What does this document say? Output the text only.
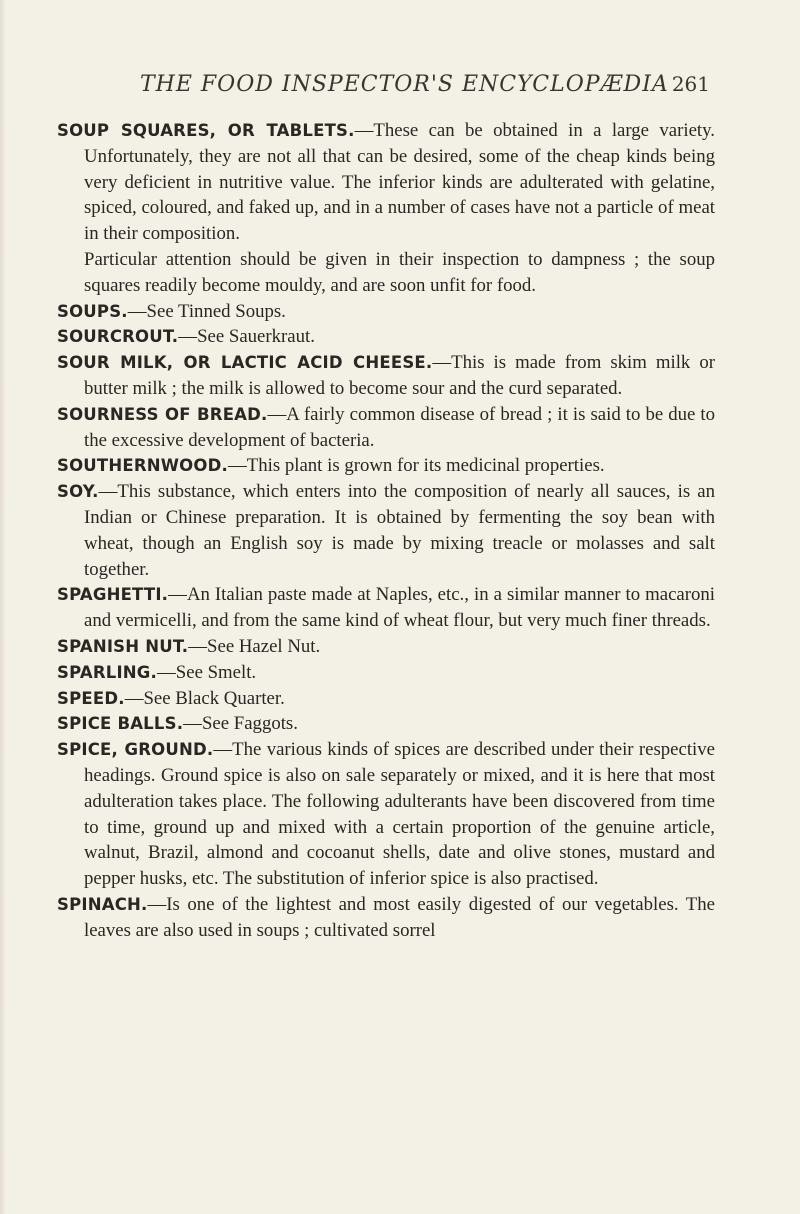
THE FOOD INSPECTOR'S ENCYCLOPÆDIA 261

SOUP SQUARES, OR TABLETS.—These can be obtained in a large variety. Unfortunately, they are not all that can be desired, some of the cheap kinds being very deficient in nutritive value. The inferior kinds are adulterated with gelatine, spiced, coloured, and faked up, and in a number of cases have not a particle of meat in their composition.

Particular attention should be given in their inspection to dampness ; the soup squares readily become mouldy, and are soon unfit for food.

SOUPS.—See Tinned Soups.

SOURCROUT.—See Sauerkraut.

SOUR MILK, OR LACTIC ACID CHEESE.—This is made from skim milk or butter milk ; the milk is allowed to become sour and the curd separated.

SOURNESS OF BREAD.—A fairly common disease of bread ; it is said to be due to the excessive development of bacteria.

SOUTHERNWOOD.—This plant is grown for its medicinal properties.

SOY.—This substance, which enters into the composition of nearly all sauces, is an Indian or Chinese preparation. It is obtained by fermenting the soy bean with wheat, though an English soy is made by mixing treacle or molasses and salt together.

SPAGHETTI.—An Italian paste made at Naples, etc., in a similar manner to macaroni and vermicelli, and from the same kind of wheat flour, but very much finer threads.

SPANISH NUT.—See Hazel Nut.

SPARLING.—See Smelt.

SPEED.—See Black Quarter.

SPICE BALLS.—See Faggots.

SPICE, GROUND.—The various kinds of spices are described under their respective headings. Ground spice is also on sale separately or mixed, and it is here that most adulteration takes place. The following adulterants have been discovered from time to time, ground up and mixed with a certain proportion of the genuine article, walnut, Brazil, almond and cocoanut shells, date and olive stones, mustard and pepper husks, etc. The substitution of inferior spice is also practised.

SPINACH.—Is one of the lightest and most easily digested of our vegetables. The leaves are also used in soups ; cultivated sorrel
